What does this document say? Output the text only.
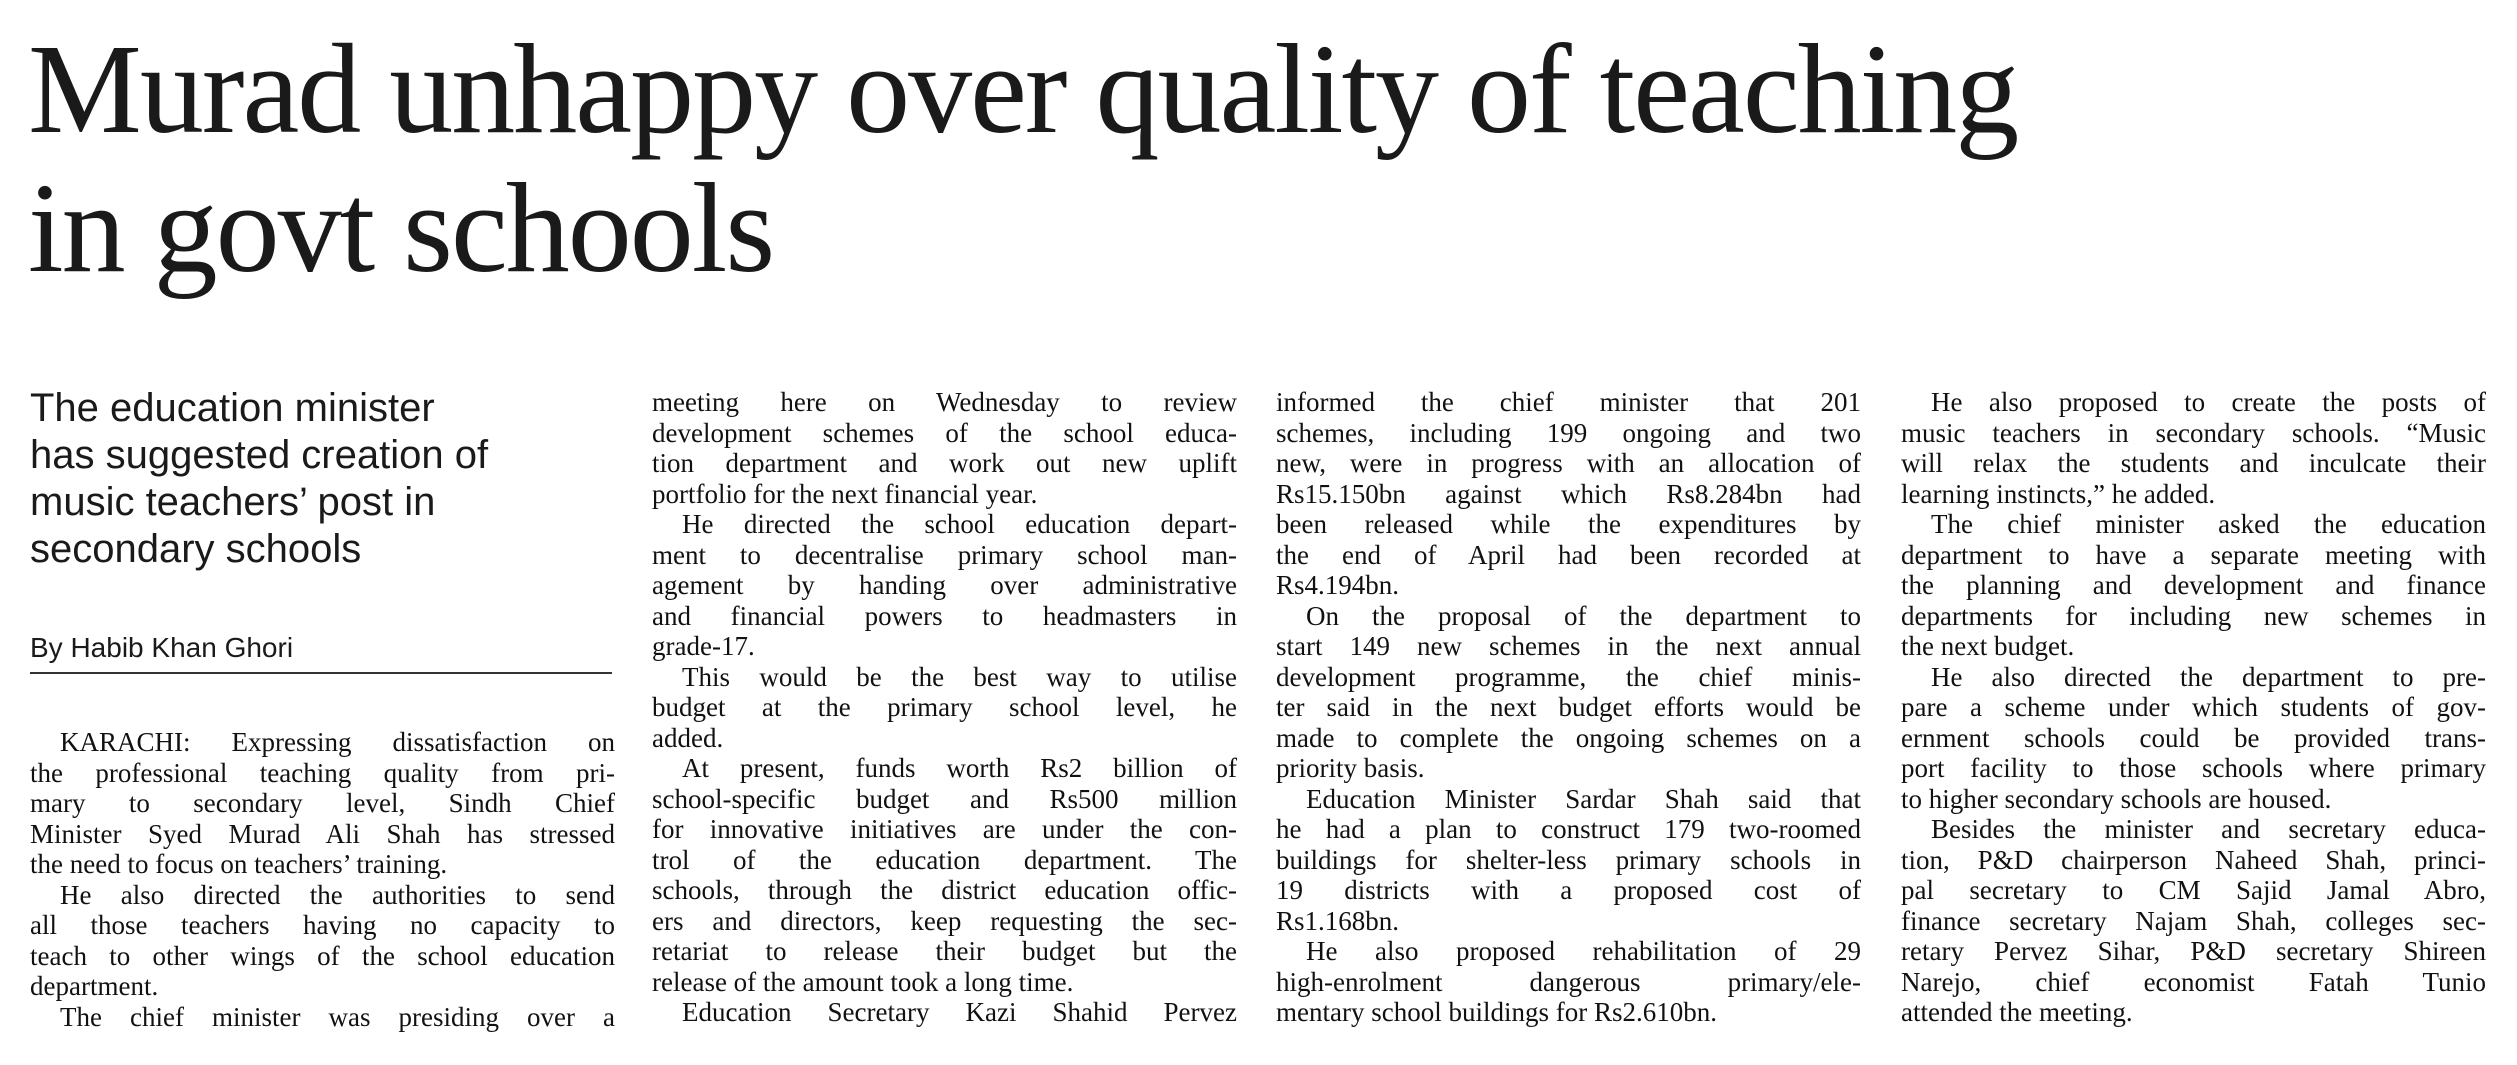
Murad unhappy over quality of teaching
in govt schools
The education minister
has suggested creation of
music teachers’ post in
secondary schools
By Habib Khan Ghori
KARACHI: Expressing dissatisfaction on
the professional teaching quality from pri-
mary to secondary level, Sindh Chief
Minister Syed Murad Ali Shah has stressed
the need to focus on teachers’ training.
He also directed the authorities to send
all those teachers having no capacity to
teach to other wings of the school education
department.
The chief minister was presiding over a
meeting here on Wednesday to review
development schemes of the school educa-
tion department and work out new uplift
portfolio for the next financial year.
He directed the school education depart-
ment to decentralise primary school man-
agement by handing over administrative
and financial powers to headmasters in
grade-17.
This would be the best way to utilise
budget at the primary school level, he
added.
At present, funds worth Rs2 billion of
school-specific budget and Rs500 million
for innovative initiatives are under the con-
trol of the education department. The
schools, through the district education offic-
ers and directors, keep requesting the sec-
retariat to release their budget but the
release of the amount took a long time.
Education Secretary Kazi Shahid Pervez
informed the chief minister that 201
schemes, including 199 ongoing and two
new, were in progress with an allocation of
Rs15.150bn against which Rs8.284bn had
been released while the expenditures by
the end of April had been recorded at
Rs4.194bn.
On the proposal of the department to
start 149 new schemes in the next annual
development programme, the chief minis-
ter said in the next budget efforts would be
made to complete the ongoing schemes on a
priority basis.
Education Minister Sardar Shah said that
he had a plan to construct 179 two-roomed
buildings for shelter-less primary schools in
19 districts with a proposed cost of
Rs1.168bn.
He also proposed rehabilitation of 29
high-enrolment dangerous primary/ele-
mentary school buildings for Rs2.610bn.
He also proposed to create the posts of
music teachers in secondary schools. “Music
will relax the students and inculcate their
learning instincts,” he added.
The chief minister asked the education
department to have a separate meeting with
the planning and development and finance
departments for including new schemes in
the next budget.
He also directed the department to pre-
pare a scheme under which students of gov-
ernment schools could be provided trans-
port facility to those schools where primary
to higher secondary schools are housed.
Besides the minister and secretary educa-
tion, P&D chairperson Naheed Shah, princi-
pal secretary to CM Sajid Jamal Abro,
finance secretary Najam Shah, colleges sec-
retary Pervez Sihar, P&D secretary Shireen
Narejo, chief economist Fatah Tunio
attended the meeting.
